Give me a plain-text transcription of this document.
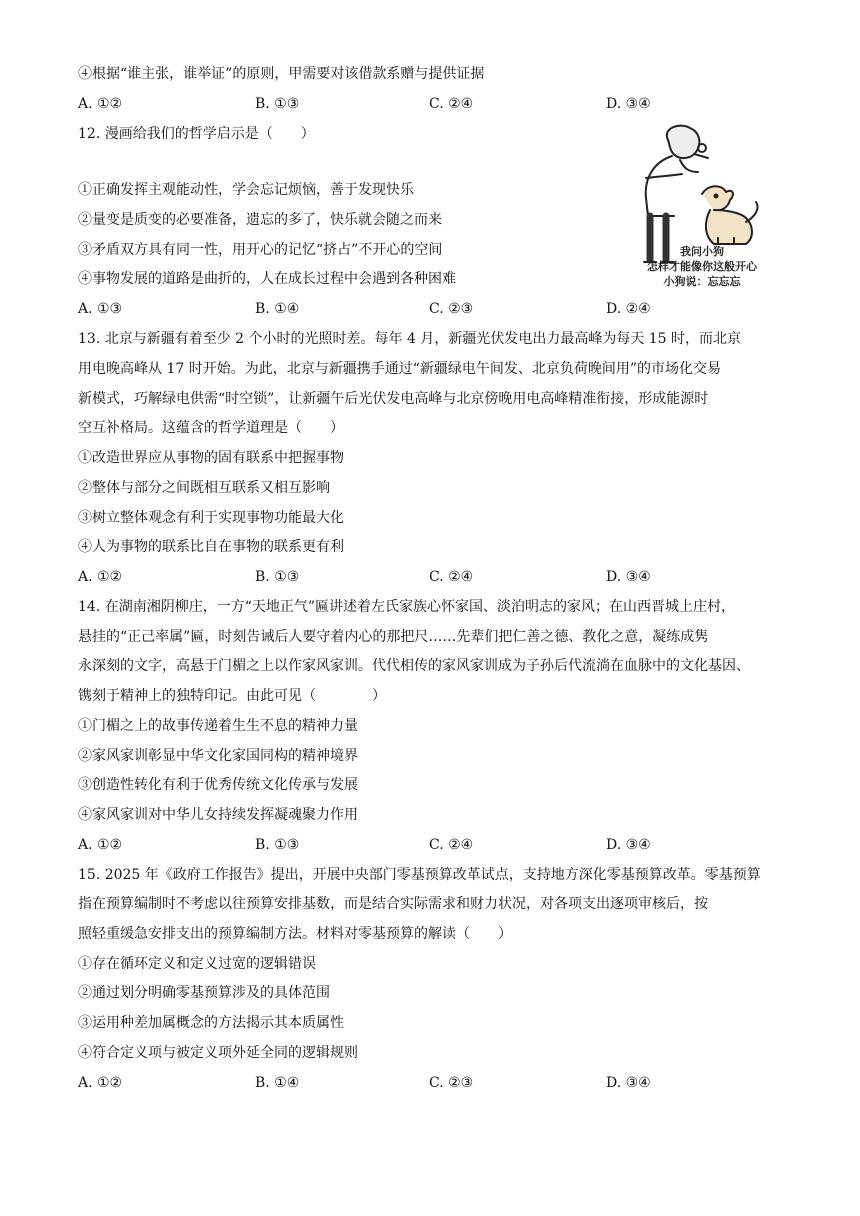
④根据“谁主张，谁举证”的原则，甲需要对该借款系赠与提供证据
A. ①②	B. ①③	C. ②④	D. ③④
12. 漫画给我们的哲学启示是（　　）
①正确发挥主观能动性，学会忘记烦恼，善于发现快乐
②量变是质变的必要准备，遗忘的多了，快乐就会随之而来
③矛盾双方具有同一性，用开心的记忆“挤占”不开心的空间
④事物发展的道路是曲折的，人在成长过程中会遇到各种困难
A. ①③	B. ①④	C. ②③	D. ②④
我问小狗
怎样才能像你这般开心
小狗说：忘忘忘
13. 北京与新疆有着至少 2 个小时的光照时差。每年 4 月，新疆光伏发电出力最高峰为每天 15 时，而北京
用电晚高峰从 17 时开始。为此，北京与新疆携手通过“新疆绿电午间发、北京负荷晚间用”的市场化交易
新模式，巧解绿电供需“时空锁”，让新疆午后光伏发电高峰与北京傍晚用电高峰精准衔接，形成能源时
空互补格局。这蕴含的哲学道理是（　　）
①改造世界应从事物的固有联系中把握事物
②整体与部分之间既相互联系又相互影响
③树立整体观念有利于实现事物功能最大化
④人为事物的联系比自在事物的联系更有利
A. ①②	B. ①③	C. ②④	D. ③④
14. 在湖南湘阴柳庄，一方“天地正气”匾讲述着左氏家族心怀家国、淡泊明志的家风；在山西晋城上庄村，
悬挂的“正己率属”匾，时刻告诫后人要守着内心的那把尺……先辈们把仁善之德、教化之意，凝练成隽
永深刻的文字，高悬于门楣之上以作家风家训。代代相传的家风家训成为子孙后代流淌在血脉中的文化基因、
镌刻于精神上的独特印记。由此可见（　　　　）
①门楣之上的故事传递着生生不息的精神力量
②家风家训彰显中华文化家国同构的精神境界
③创造性转化有利于优秀传统文化传承与发展
④家风家训对中华儿女持续发挥凝魂聚力作用
A. ①②	B. ①③	C. ②④	D. ③④
15. 2025 年《政府工作报告》提出，开展中央部门零基预算改革试点，支持地方深化零基预算改革。零基预算
指在预算编制时不考虑以往预算安排基数，而是结合实际需求和财力状况，对各项支出逐项审核后，按
照轻重缓急安排支出的预算编制方法。材料对零基预算的解读（　　）
①存在循环定义和定义过宽的逻辑错误
②通过划分明确零基预算涉及的具体范围
③运用种差加属概念的方法揭示其本质属性
④符合定义项与被定义项外延全同的逻辑规则
A. ①②	B. ①④	C. ②③	D. ③④
